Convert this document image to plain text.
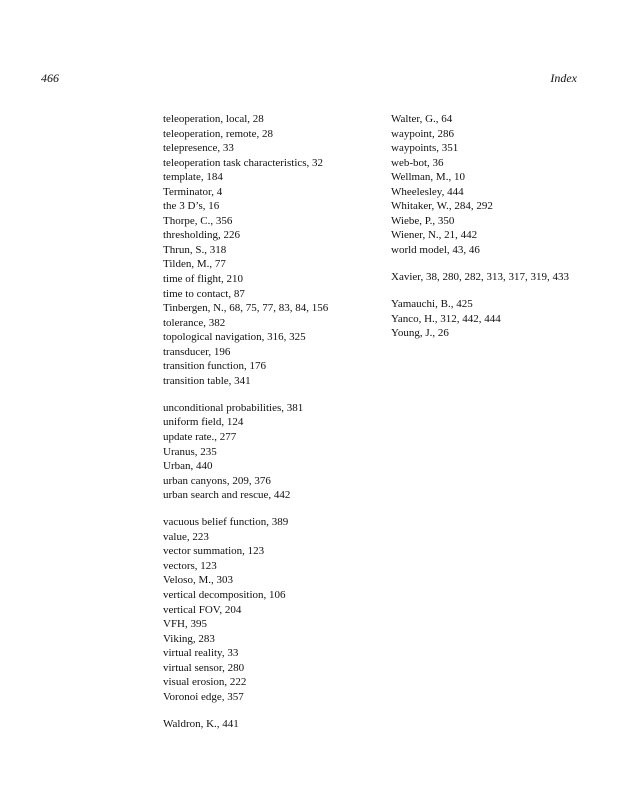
466	Index
teleoperation, local, 28
teleoperation, remote, 28
telepresence, 33
teleoperation task characteristics, 32
template, 184
Terminator, 4
the 3 D’s, 16
Thorpe, C., 356
thresholding, 226
Thrun, S., 318
Tilden, M., 77
time of flight, 210
time to contact, 87
Tinbergen, N., 68, 75, 77, 83, 84, 156
tolerance, 382
topological navigation, 316, 325
transducer, 196
transition function, 176
transition table, 341
unconditional probabilities, 381
uniform field, 124
update rate., 277
Uranus, 235
Urban, 440
urban canyons, 209, 376
urban search and rescue, 442
vacuous belief function, 389
value, 223
vector summation, 123
vectors, 123
Veloso, M., 303
vertical decomposition, 106
vertical FOV, 204
VFH, 395
Viking, 283
virtual reality, 33
virtual sensor, 280
visual erosion, 222
Voronoi edge, 357
Waldron, K., 441
Walter, G., 64
waypoint, 286
waypoints, 351
web-bot, 36
Wellman, M., 10
Wheelesley, 444
Whitaker, W., 284, 292
Wiebe, P., 350
Wiener, N., 21, 442
world model, 43, 46
Xavier, 38, 280, 282, 313, 317, 319, 433
Yamauchi, B., 425
Yanco, H., 312, 442, 444
Young, J., 26
